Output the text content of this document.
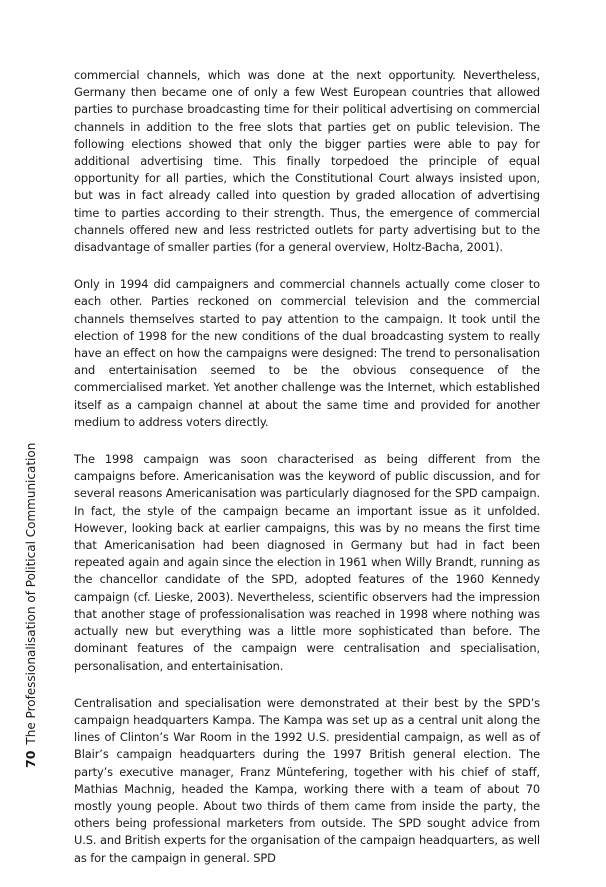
commercial channels, which was done at the next opportunity. Nevertheless, Germany then became one of only a few West European countries that allowed parties to purchase broadcasting time for their political advertising on commercial channels in addition to the free slots that parties get on public television. The following elections showed that only the bigger parties were able to pay for additional advertising time. This finally torpedoed the principle of equal opportunity for all parties, which the Constitutional Court always insisted upon, but was in fact already called into question by graded allocation of advertising time to parties according to their strength. Thus, the emergence of commercial channels offered new and less restricted outlets for party advertising but to the disadvantage of smaller parties (for a general overview, Holtz-Bacha, 2001).

Only in 1994 did campaigners and commercial channels actually come closer to each other. Parties reckoned on commercial television and the commercial channels themselves started to pay attention to the campaign. It took until the election of 1998 for the new conditions of the dual broadcasting system to really have an effect on how the campaigns were designed: The trend to personalisation and entertainisation seemed to be the obvious consequence of the commercialised market. Yet another challenge was the Internet, which established itself as a campaign channel at about the same time and provided for another medium to address voters directly.

The 1998 campaign was soon characterised as being different from the campaigns before. Americanisation was the keyword of public discussion, and for several reasons Americanisation was particularly diagnosed for the SPD campaign. In fact, the style of the campaign became an important issue as it unfolded. However, looking back at earlier campaigns, this was by no means the first time that Americanisation had been diagnosed in Germany but had in fact been repeated again and again since the election in 1961 when Willy Brandt, running as the chancellor candidate of the SPD, adopted features of the 1960 Kennedy campaign (cf. Lieske, 2003). Nevertheless, scientific observers had the impression that another stage of professionalisation was reached in 1998 where nothing was actually new but everything was a little more sophisticated than before. The dominant features of the campaign were centralisation and specialisation, personalisation, and entertainisation.

Centralisation and specialisation were demonstrated at their best by the SPD’s campaign headquarters Kampa. The Kampa was set up as a central unit along the lines of Clinton’s War Room in the 1992 U.S. presidential campaign, as well as of Blair’s campaign headquarters during the 1997 British general election. The party’s executive manager, Franz Müntefering, together with his chief of staff, Mathias Machnig, headed the Kampa, working there with a team of about 70 mostly young people. About two thirds of them came from inside the party, the others being professional marketers from outside. The SPD sought advice from U.S. and British experts for the organisation of the campaign headquarters, as well as for the campaign in general. SPD

70
The Professionalisation of Political Communication
